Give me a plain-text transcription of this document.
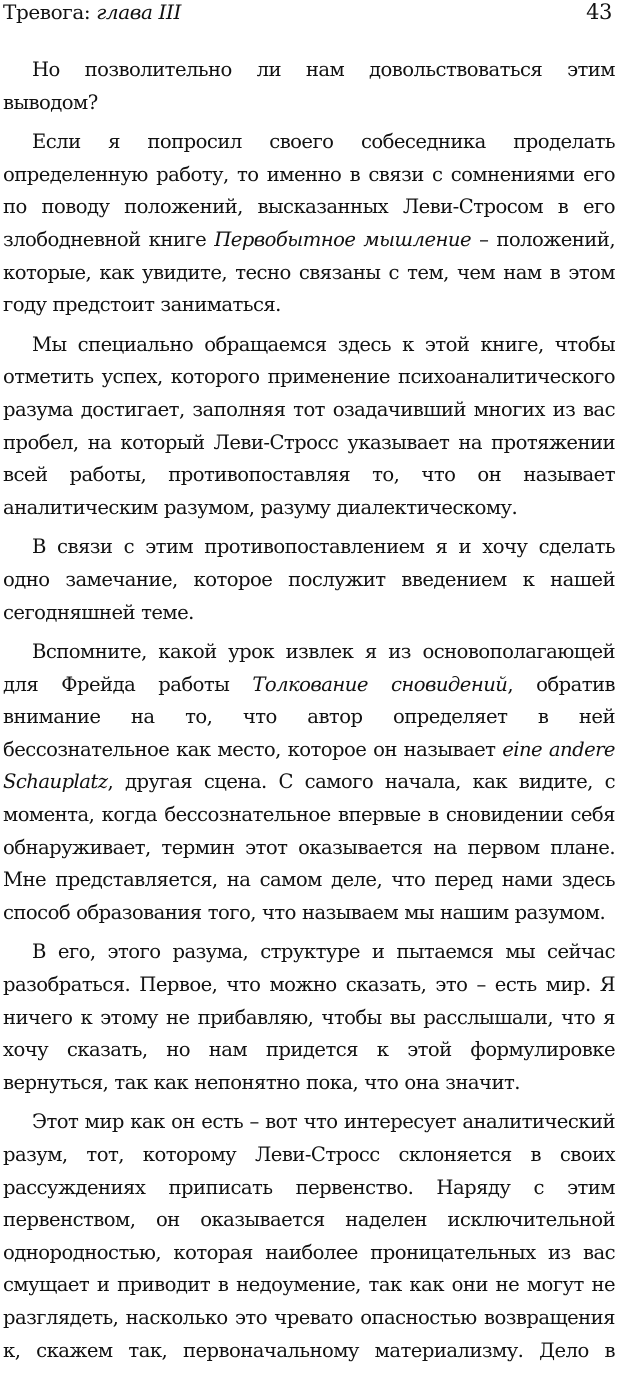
Тревога: глава III	43

Но позволительно ли нам довольствоваться этим выводом?

Если я попросил своего собеседника проделать определенную работу, то именно в связи с сомнениями его по поводу положений, высказанных Леви-Стросом в его злободневной книге Первобытное мышление – положений, которые, как увидите, тесно связаны с тем, чем нам в этом году предстоит заниматься.

Мы специально обращаемся здесь к этой книге, чтобы отметить успех, которого применение психоаналитического разума достигает, заполняя тот озадачивший многих из вас пробел, на который Леви-Стросс указывает на протяжении всей работы, противопоставляя то, что он называет аналитическим разумом, разуму диалектическому.

В связи с этим противопоставлением я и хочу сделать одно замечание, которое послужит введением к нашей сегодняшней теме.

Вспомните, какой урок извлек я из основополагающей для Фрейда работы Толкование сновидений, обратив внимание на то, что автор определяет в ней бессознательное как место, которое он называет eine andere Schauplatz, другая сцена. С самого начала, как видите, с момента, когда бессознательное впервые в сновидении себя обнаруживает, термин этот оказывается на первом плане. Мне представляется, на самом деле, что перед нами здесь способ образования того, что называем мы нашим разумом.

В его, этого разума, структуре и пытаемся мы сейчас разобраться. Первое, что можно сказать, это – есть мир. Я ничего к этому не прибавляю, чтобы вы расслышали, что я хочу сказать, но нам придется к этой формулировке вернуться, так как непонятно пока, что она значит.

Этот мир как он есть – вот что интересует аналитический разум, тот, которому Леви-Стросс склоняется в своих рассуждениях приписать первенство. Наряду с этим первенством, он оказывается наделен исключительной однородностью, которая наиболее проницательных из вас смущает и приводит в недоумение, так как они не могут не разглядеть, насколько это чревато опасностью возвращения к, скажем так, первоначальному материализму. Дело в
